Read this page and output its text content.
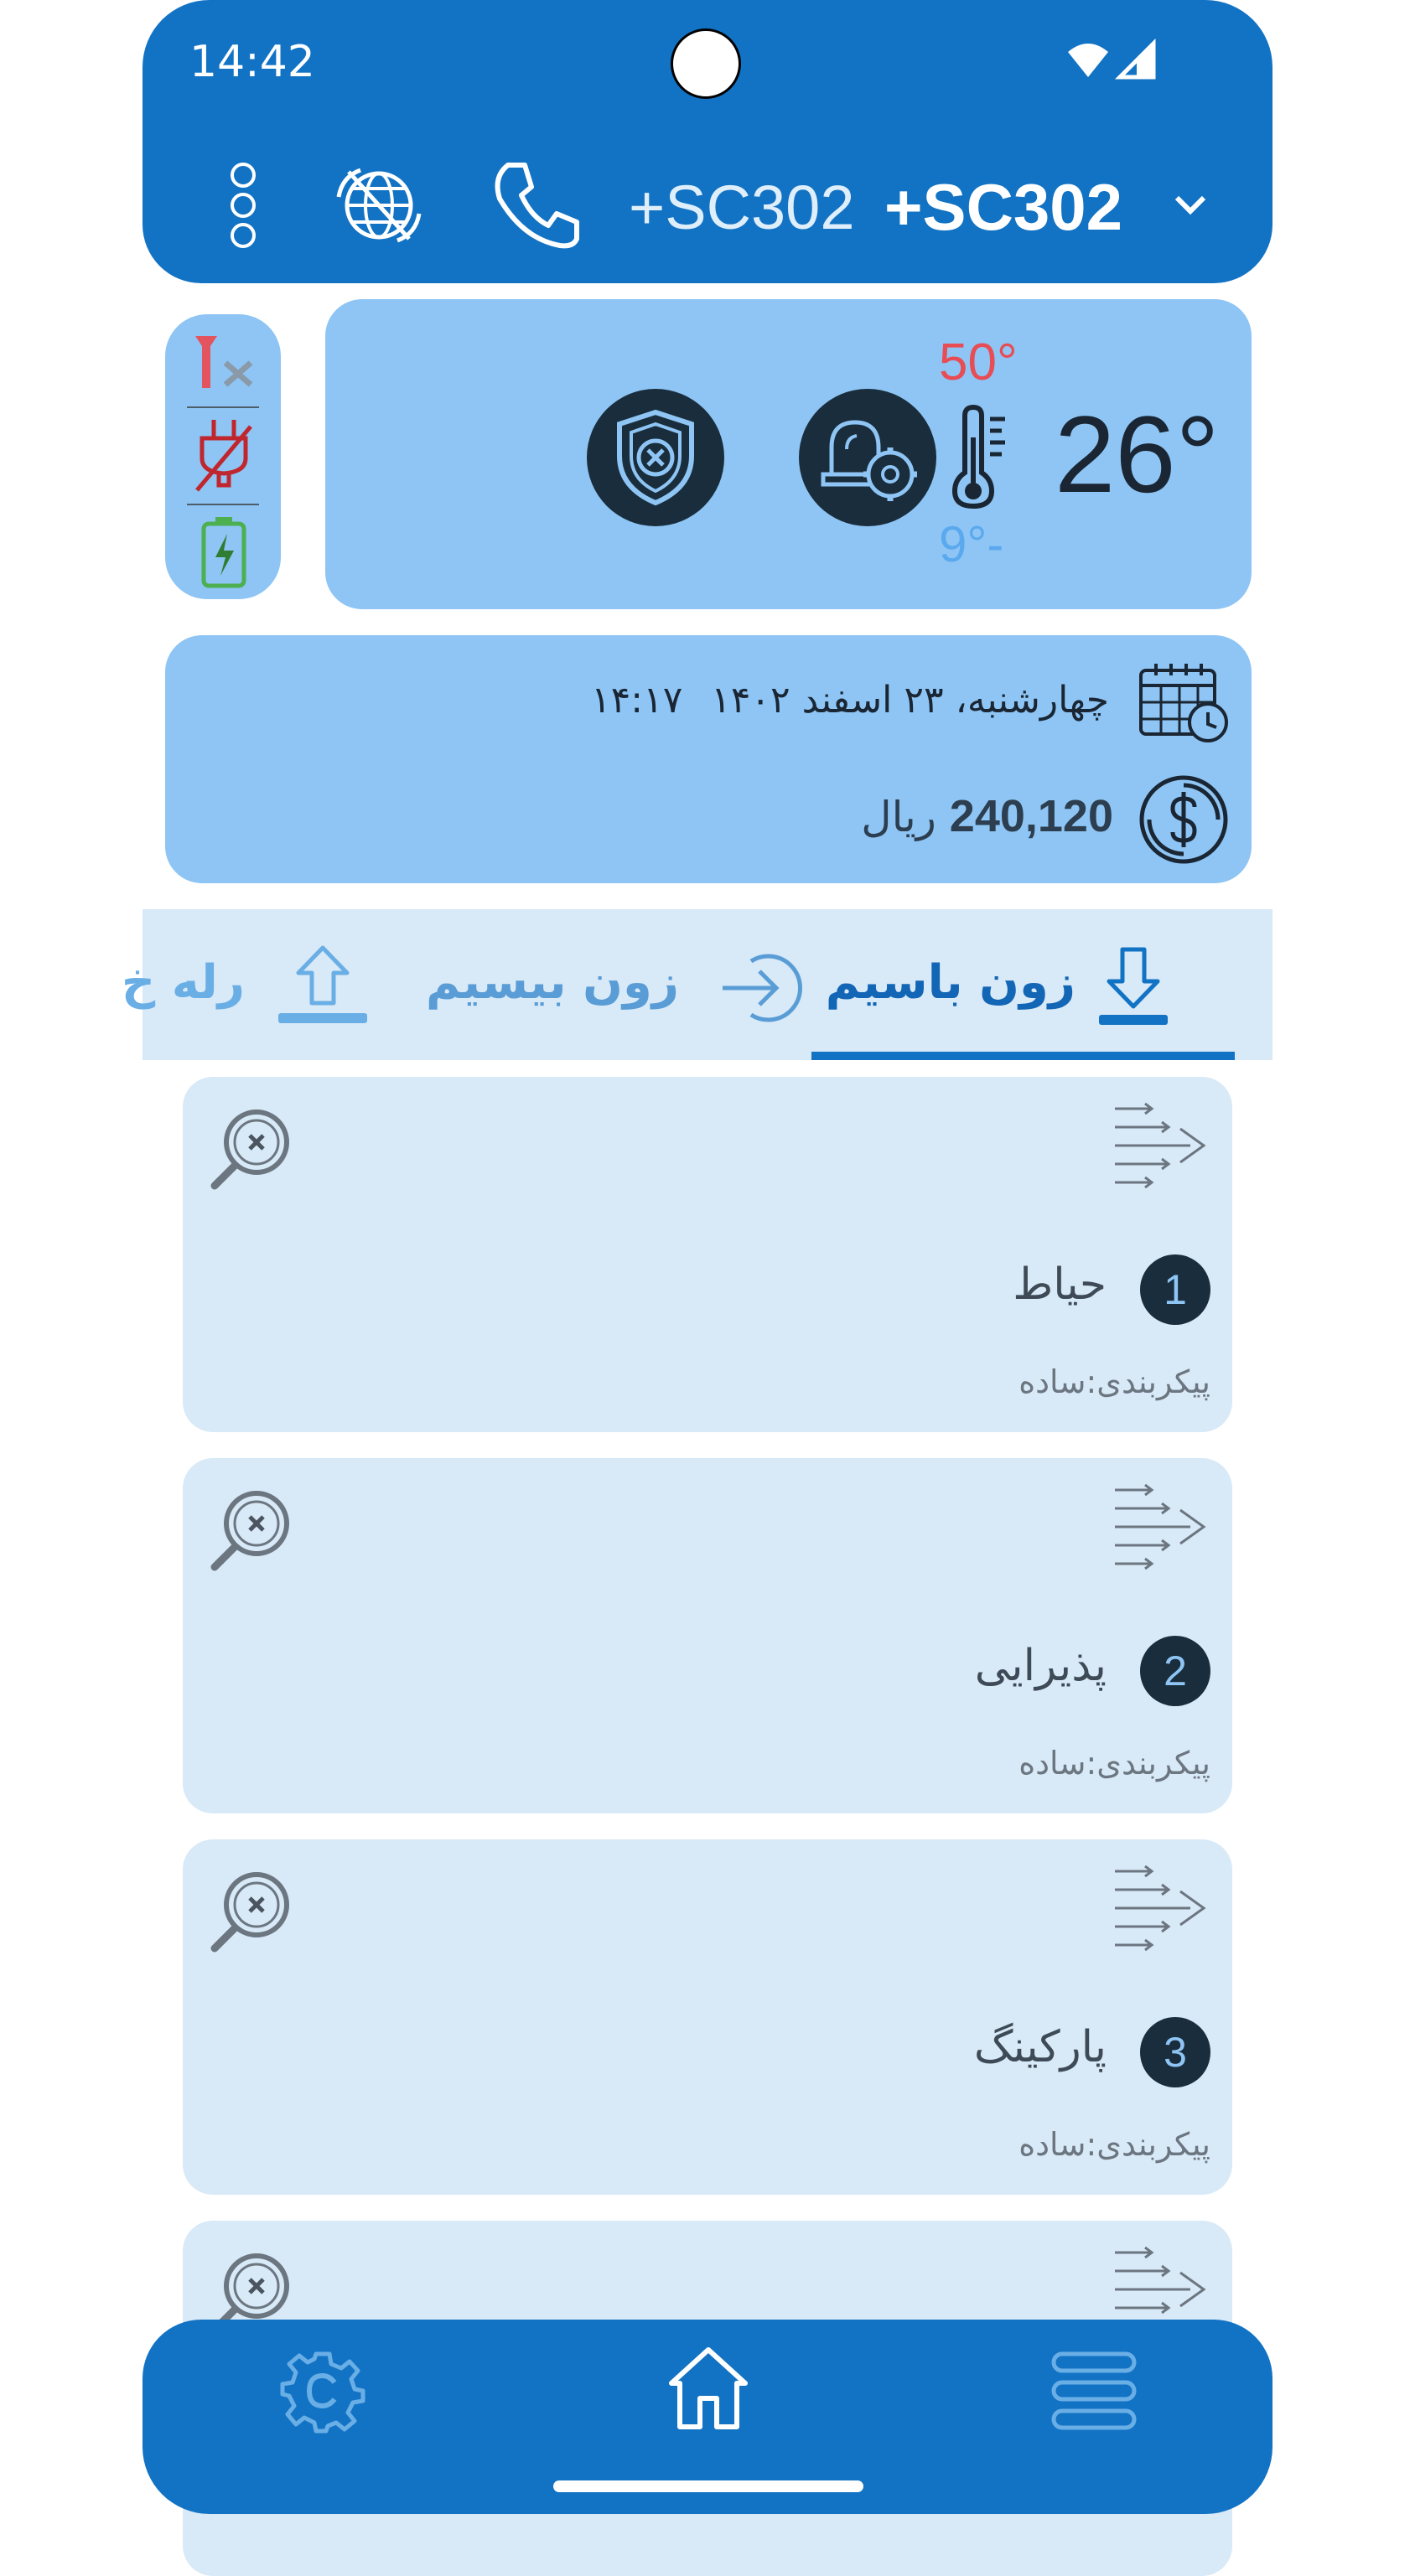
14:42
+SC302 +SC302
50°
26°
9°-
چهارشنبه، ۲۳ اسفند ۱۴۰۲
۱۴:۱۷
240,120 ریال
زون باسیم
زون بیسیم
رله خ
1
حیاط
پیکربندی:ساده
2
پذیرایی
پیکربندی:ساده
3
پارکینگ
پیکربندی:ساده
